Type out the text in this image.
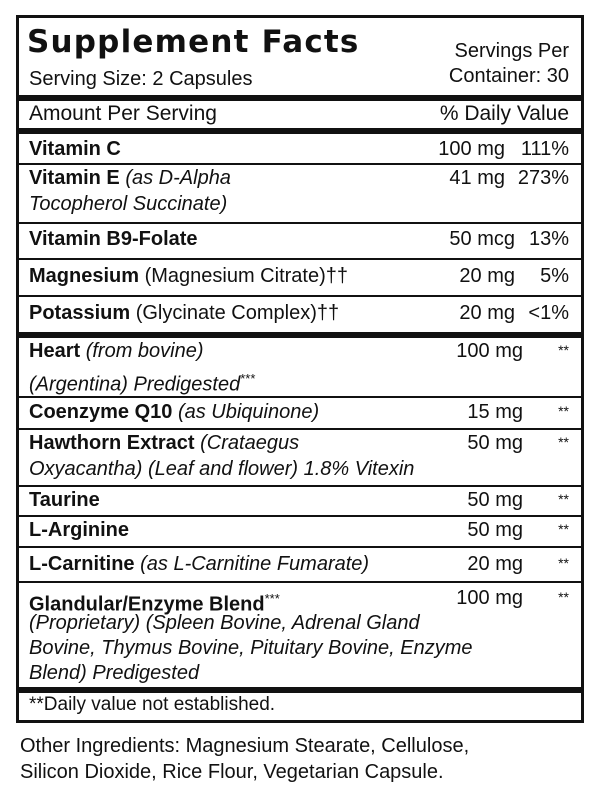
Supplement Facts
Serving Size: 2 Capsules
Servings Per
Container: 30
Amount Per Serving	% Daily Value
Vitamin C	100 mg 111%
Vitamin E (as D-Alpha
Tocopherol Succinate)
41 mg 273%
Vitamin B9-Folate	50 mcg 13%
Magnesium (Magnesium Citrate)††	20 mg 5%
Potassium (Glycinate Complex)††	20 mg <1%
Heart (from bovine)
(Argentina) Predigested***
100 mg	**
Coenzyme Q10 (as Ubiquinone)	15 mg	**
Hawthorn Extract (Crataegus
Oxyacantha) (Leaf and flower) 1.8% Vitexin
50 mg	**
Taurine	50 mg	**
L-Arginine	50 mg	**
L-Carnitine (as L-Carnitine Fumarate)	20 mg	**
Glandular/Enzyme Blend***
(Proprietary) (Spleen Bovine, Adrenal Gland
Bovine, Thymus Bovine, Pituitary Bovine, Enzyme
Blend) Predigested
100 mg	**
**Daily value not established.
Other Ingredients: Magnesium Stearate, Cellulose,
Silicon Dioxide, Rice Flour, Vegetarian Capsule.
